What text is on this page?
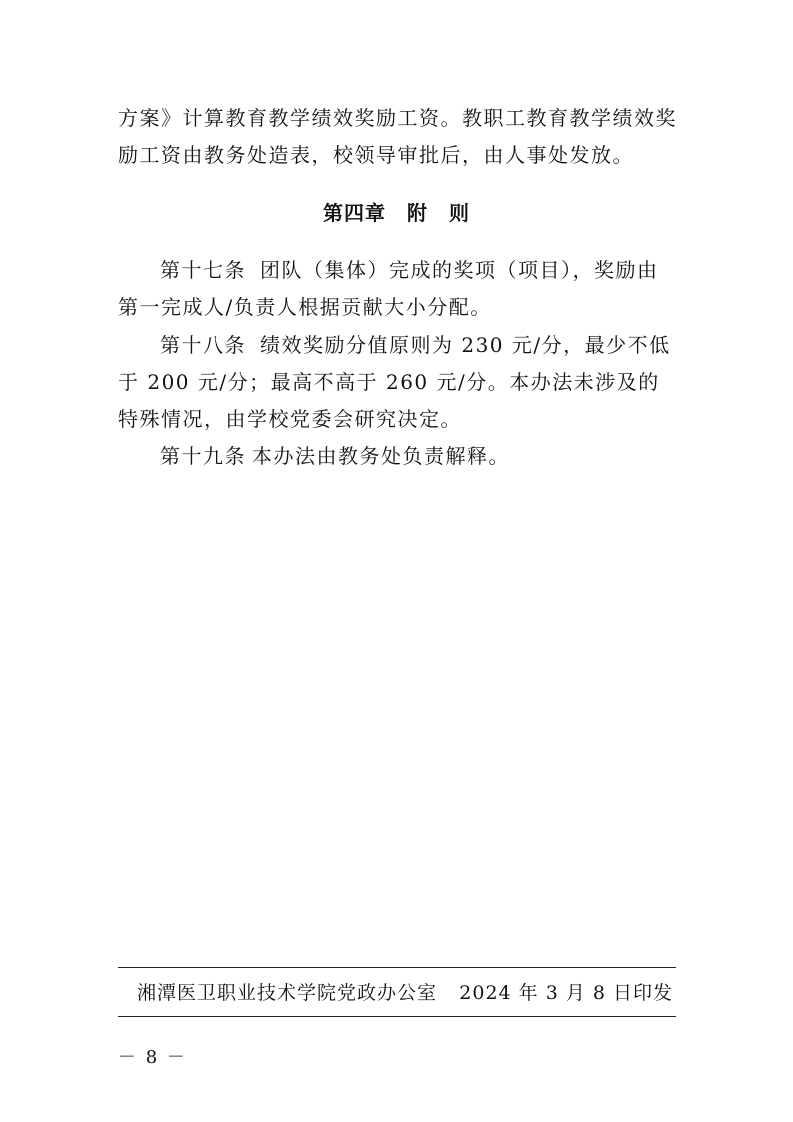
方案》计算教育教学绩效奖励工资。教职工教育教学绩效奖励工资由教务处造表，校领导审批后，由人事处发放。

第四章　附　则

第十七条 团队（集体）完成的奖项（项目），奖励由第一完成人/负责人根据贡献大小分配。

第十八条 绩效奖励分值原则为 230 元/分，最少不低于 200 元/分；最高不高于 260 元/分。本办法未涉及的特殊情况，由学校党委会研究决定。

第十九条 本办法由教务处负责解释。

湘潭医卫职业技术学院党政办公室 2024 年 3 月 8 日印发
－ 8 －
